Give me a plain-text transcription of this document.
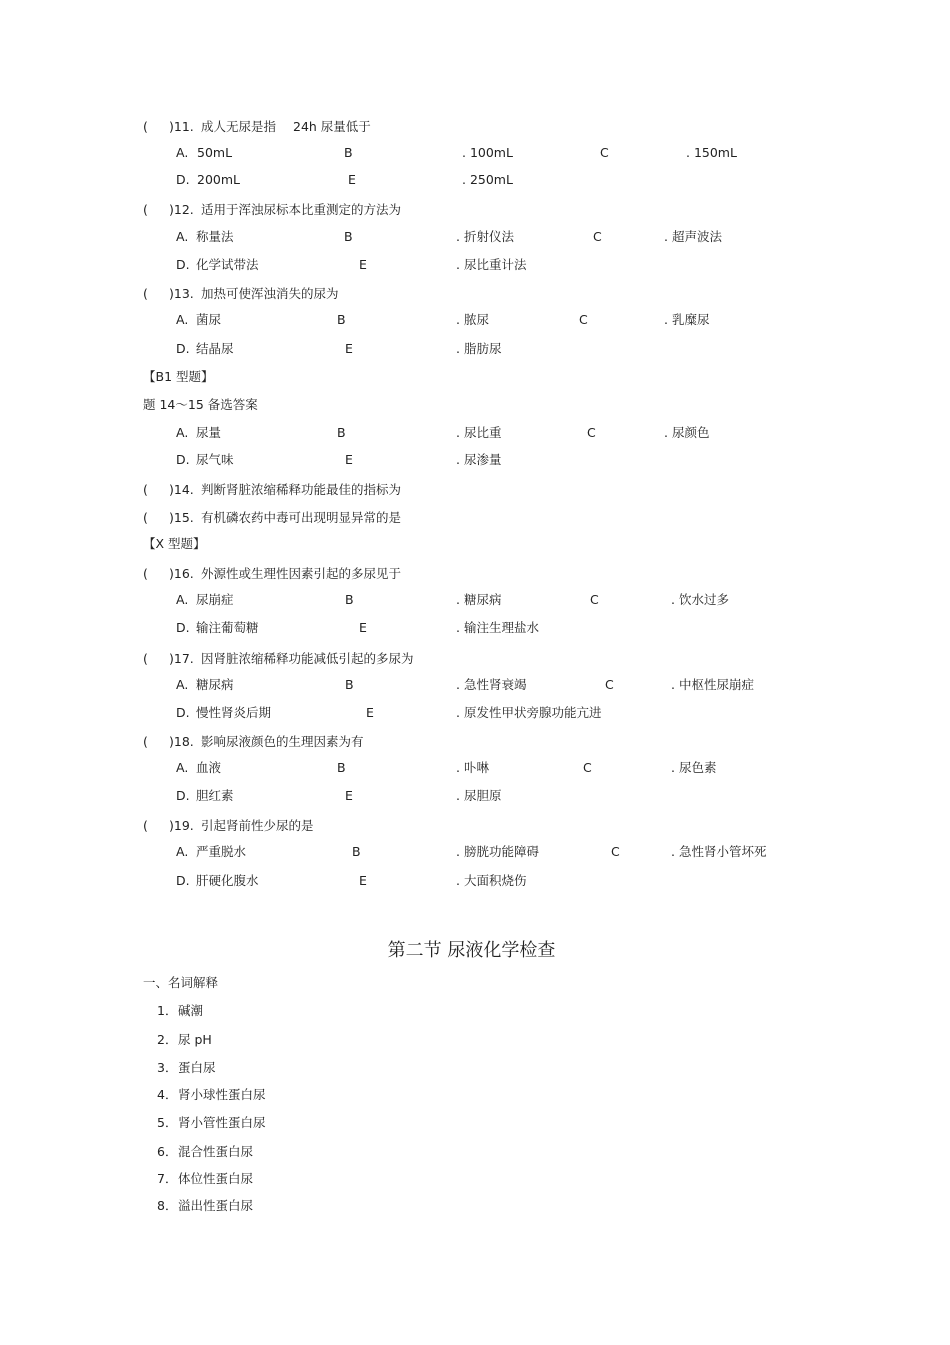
( )11. 成人无尿是指 24h 尿量低于
A. 50mL	B	. 100mL	C	. 150mL
D. 200mL	E	. 250mL
( )12. 适用于浑浊尿标本比重测定的方法为
A. 称量法	B	. 折射仪法	C	. 超声波法
D. 化学试带法	E	. 尿比重计法
( )13. 加热可使浑浊消失的尿为
A. 菌尿	B	. 脓尿	C	. 乳糜尿
D. 结晶尿	E	. 脂肪尿
【B1 型题】
题 14～15 备选答案
A. 尿量	B	. 尿比重	C	. 尿颜色
D. 尿气味	E	. 尿渗量
( )14. 判断肾脏浓缩稀释功能最佳的指标为
( )15. 有机磷农药中毒可出现明显异常的是
【X 型题】
( )16. 外源性或生理性因素引起的多尿见于
A. 尿崩症	B	. 糖尿病	C	. 饮水过多
D. 输注葡萄糖	E	. 输注生理盐水
( )17. 因肾脏浓缩稀释功能减低引起的多尿为
A. 糖尿病	B	. 急性肾衰竭	C	. 中枢性尿崩症
D. 慢性肾炎后期	E	. 原发性甲状旁腺功能亢进
( )18. 影响尿液颜色的生理因素为有
A. 血液	B	. 卟啉	C	. 尿色素
D. 胆红素	E	. 尿胆原
( )19. 引起肾前性少尿的是
A. 严重脱水	B	. 膀胱功能障碍	C	. 急性肾小管坏死
D. 肝硬化腹水	E	. 大面积烧伤
第二节 尿液化学检查
一、名词解释
1． 碱潮
2． 尿 pH
3． 蛋白尿
4． 肾小球性蛋白尿
5． 肾小管性蛋白尿
6． 混合性蛋白尿
7． 体位性蛋白尿
8． 溢出性蛋白尿
